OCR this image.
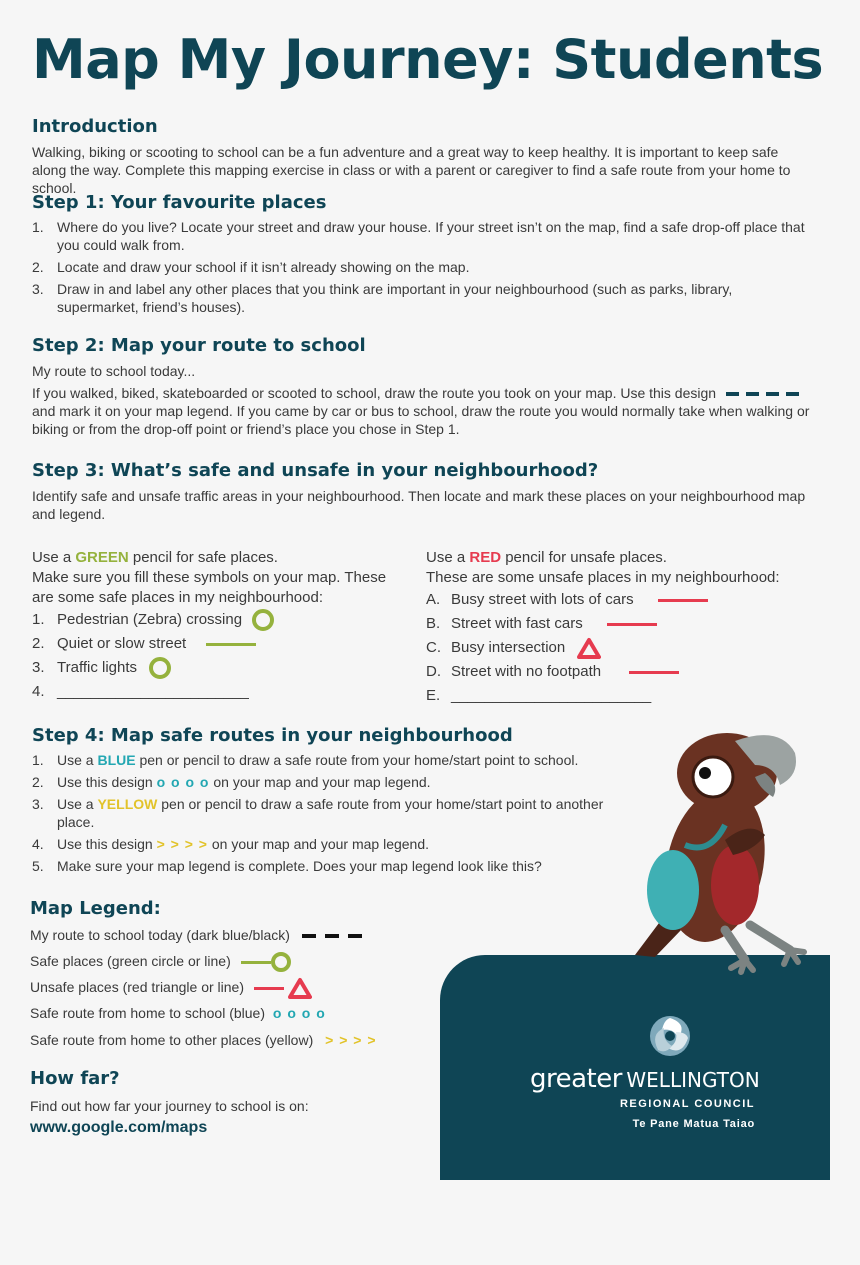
Map My Journey: Students
Introduction

Walking, biking or scooting to school can be a fun adventure and a great way to keep healthy. It is important to keep safe along the way. Complete this mapping exercise in class or with a parent or caregiver to find a safe route from your home to school.

Step 1: Your favourite places
1. Where do you live? Locate your street and draw your house. If your street isn’t on the map, find a safe drop-off place that you could walk from.
2. Locate and draw your school if it isn’t already showing on the map.
3. Draw in and label any other places that you think are important in your neighbourhood (such as parks, library, supermarket, friend’s houses).
Step 2: Map your route to school

My route to school today...

If you walked, biked, skateboarded or scooted to school, draw the route you took on your map. Use this design  and mark it on your map legend. If you came by car or bus to school, draw the route you would normally take when walking or biking or from the drop-off point or friend’s place you chose in Step 1.

Step 3: What’s safe and unsafe in your neighbourhood?

Identify safe and unsafe traffic areas in your neighbourhood. Then locate and mark these places on your neighbourhood map and legend.

Use a GREEN pencil for safe places.
Make sure you fill these symbols on your map. These are some safe places in my neighbourhood:
1. Pedestrian (Zebra) crossing
2. Quiet or slow street
3. Traffic lights
4. _______________________
Use a RED pencil for unsafe places.
These are some unsafe places in my neighbourhood:
A. Busy street with lots of cars
B. Street with fast cars
C. Busy intersection
D. Street with no footpath
E. ________________________
Step 4: Map safe routes in your neighbourhood
1. Use a BLUE pen or pencil to draw a safe route from your home/start point to school.
2. Use this design o o o o on your map and your map legend.
3. Use a YELLOW pen or pencil to draw a safe route from your home/start point to another place.
4. Use this design > > > > on your map and your map legend.
5. Make sure your map legend is complete. Does your map legend look like this?
Map Legend:
My route to school today (dark blue/black)
Safe places (green circle or line)
Unsafe places (red triangle or line)
Safe route from home to school (blue) o o o o
Safe route from home to other places (yellow) > > > >
How far?

Find out how far your journey to school is on:

www.google.com/maps
greater WELLINGTON
REGIONAL COUNCIL
Te Pane Matua Taiao
